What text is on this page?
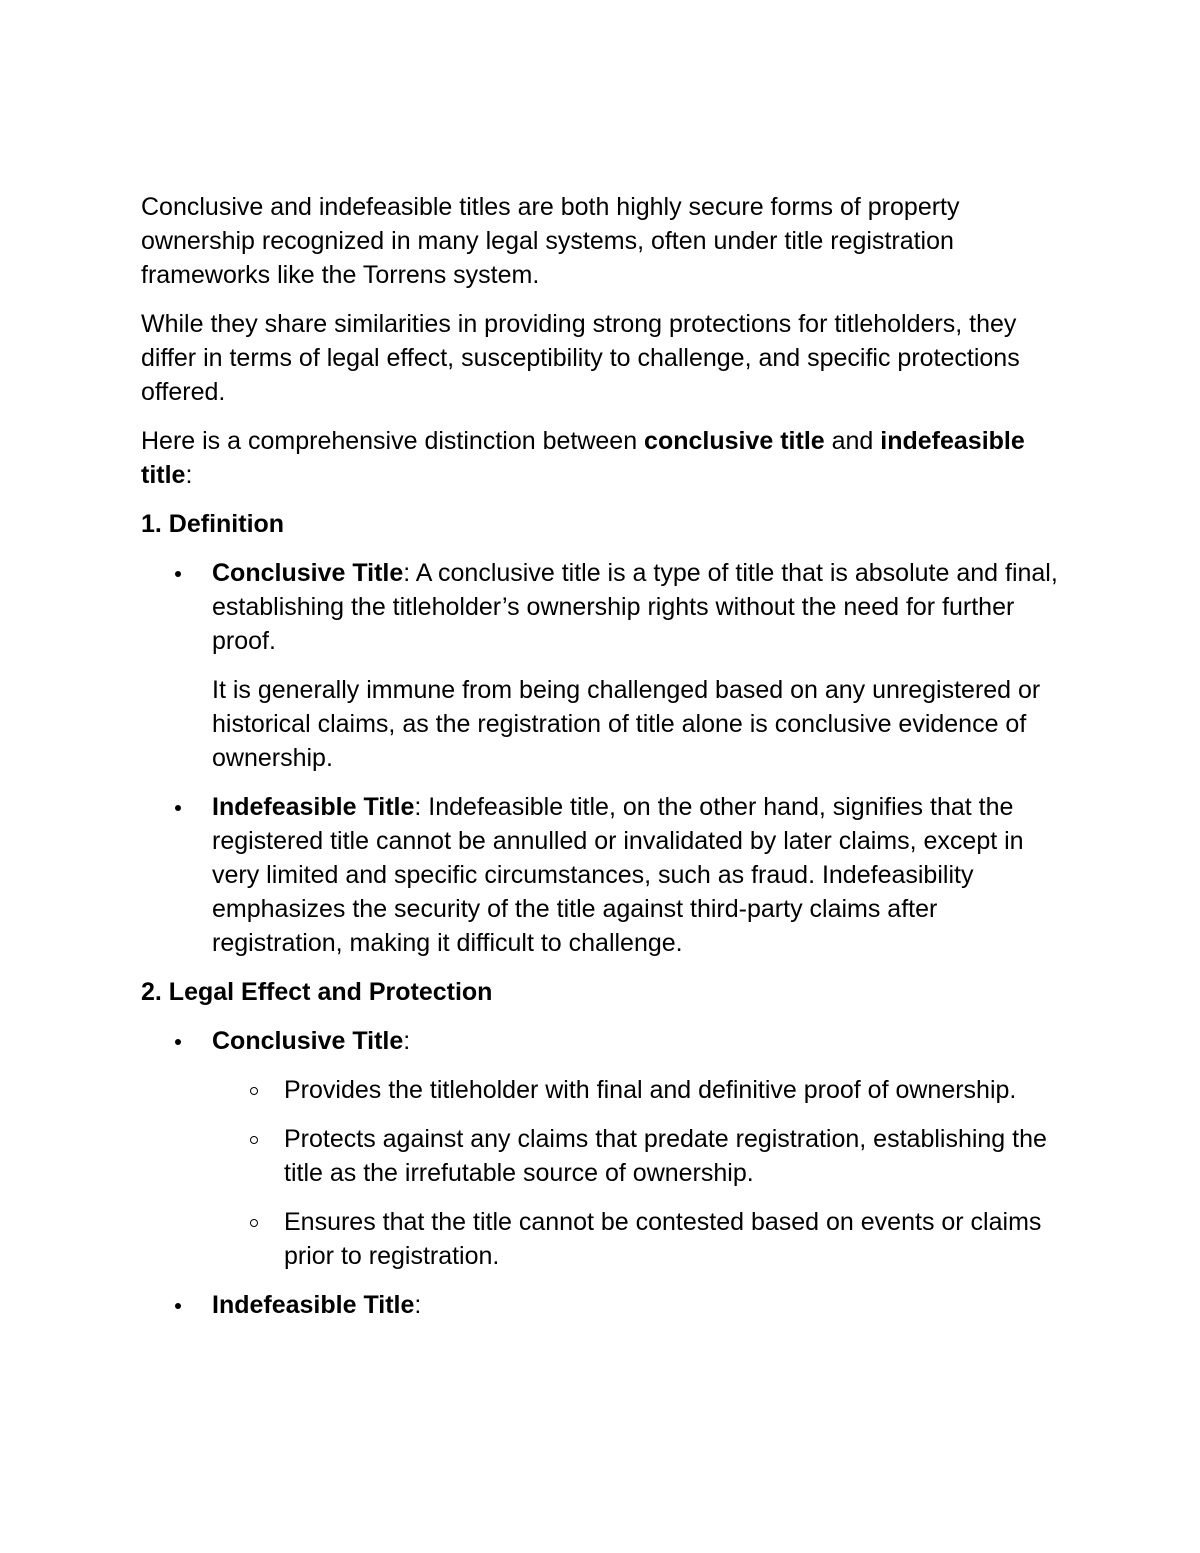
Conclusive and indefeasible titles are both highly secure forms of property ownership recognized in many legal systems, often under title registration frameworks like the Torrens system.

While they share similarities in providing strong protections for titleholders, they differ in terms of legal effect, susceptibility to challenge, and specific protections offered.

Here is a comprehensive distinction between conclusive title and indefeasible title:

1. Definition

Conclusive Title: A conclusive title is a type of title that is absolute and final, establishing the titleholder’s ownership rights without the need for further proof.

It is generally immune from being challenged based on any unregistered or historical claims, as the registration of title alone is conclusive evidence of ownership.

Indefeasible Title: Indefeasible title, on the other hand, signifies that the registered title cannot be annulled or invalidated by later claims, except in very limited and specific circumstances, such as fraud. Indefeasibility emphasizes the security of the title against third-party claims after registration, making it difficult to challenge.

2. Legal Effect and Protection

Conclusive Title:

Provides the titleholder with final and definitive proof of ownership.
Protects against any claims that predate registration, establishing the title as the irrefutable source of ownership.
Ensures that the title cannot be contested based on events or claims prior to registration.

Indefeasible Title:
